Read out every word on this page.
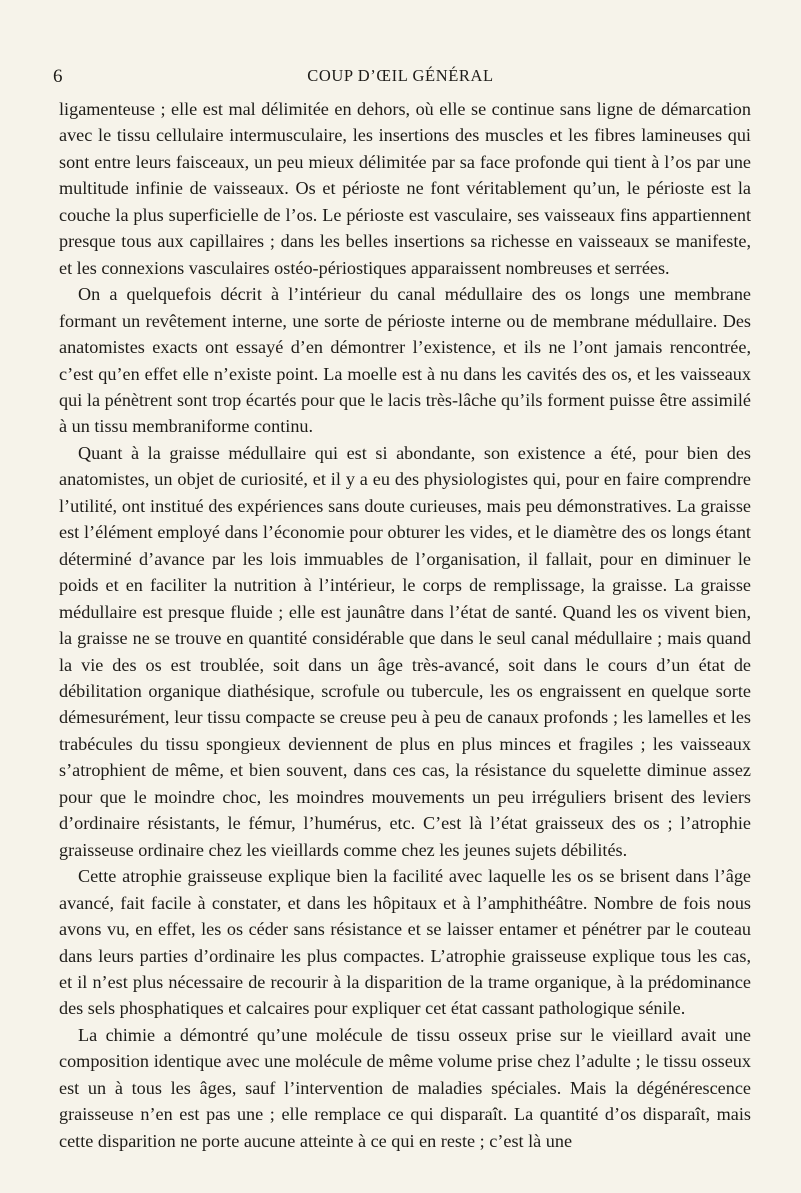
6	COUP D’ŒIL GÉNÉRAL

ligamenteuse ; elle est mal délimitée en dehors, où elle se continue sans ligne de démarcation avec le tissu cellulaire intermusculaire, les insertions des muscles et les fibres lamineuses qui sont entre leurs faisceaux, un peu mieux délimitée par sa face profonde qui tient à l’os par une multitude infinie de vaisseaux. Os et périoste ne font véritablement qu’un, le périoste est la couche la plus superficielle de l’os. Le périoste est vasculaire, ses vaisseaux fins appartiennent presque tous aux capillaires ; dans les belles insertions sa richesse en vaisseaux se manifeste, et les connexions vasculaires ostéo-périostiques apparaissent nombreuses et serrées.

On a quelquefois décrit à l’intérieur du canal médullaire des os longs une membrane formant un revêtement interne, une sorte de périoste interne ou de membrane médullaire. Des anatomistes exacts ont essayé d’en démontrer l’existence, et ils ne l’ont jamais rencontrée, c’est qu’en effet elle n’existe point. La moelle est à nu dans les cavités des os, et les vaisseaux qui la pénètrent sont trop écartés pour que le lacis très-lâche qu’ils forment puisse être assimilé à un tissu membraniforme continu.

Quant à la graisse médullaire qui est si abondante, son existence a été, pour bien des anatomistes, un objet de curiosité, et il y a eu des physiologistes qui, pour en faire comprendre l’utilité, ont institué des expériences sans doute curieuses, mais peu démonstratives. La graisse est l’élément employé dans l’économie pour obturer les vides, et le diamètre des os longs étant déterminé d’avance par les lois immuables de l’organisation, il fallait, pour en diminuer le poids et en faciliter la nutrition à l’intérieur, le corps de remplissage, la graisse. La graisse médullaire est presque fluide ; elle est jaunâtre dans l’état de santé. Quand les os vivent bien, la graisse ne se trouve en quantité considérable que dans le seul canal médullaire ; mais quand la vie des os est troublée, soit dans un âge très-avancé, soit dans le cours d’un état de débilitation organique diathésique, scrofule ou tubercule, les os engraissent en quelque sorte démesurément, leur tissu compacte se creuse peu à peu de canaux profonds ; les lamelles et les trabécules du tissu spongieux deviennent de plus en plus minces et fragiles ; les vaisseaux s’atrophient de même, et bien souvent, dans ces cas, la résistance du squelette diminue assez pour que le moindre choc, les moindres mouvements un peu irréguliers brisent des leviers d’ordinaire résistants, le fémur, l’humérus, etc. C’est là l’état graisseux des os ; l’atrophie graisseuse ordinaire chez les vieillards comme chez les jeunes sujets débilités.

Cette atrophie graisseuse explique bien la facilité avec laquelle les os se brisent dans l’âge avancé, fait facile à constater, et dans les hôpitaux et à l’amphithéâtre. Nombre de fois nous avons vu, en effet, les os céder sans résistance et se laisser entamer et pénétrer par le couteau dans leurs parties d’ordinaire les plus compactes. L’atrophie graisseuse explique tous les cas, et il n’est plus nécessaire de recourir à la disparition de la trame organique, à la prédominance des sels phosphatiques et calcaires pour expliquer cet état cassant pathologique sénile.

La chimie a démontré qu’une molécule de tissu osseux prise sur le vieillard avait une composition identique avec une molécule de même volume prise chez l’adulte ; le tissu osseux est un à tous les âges, sauf l’intervention de maladies spéciales. Mais la dégénérescence graisseuse n’en est pas une ; elle remplace ce qui disparaît. La quantité d’os disparaît, mais cette disparition ne porte aucune atteinte à ce qui en reste ; c’est là une
